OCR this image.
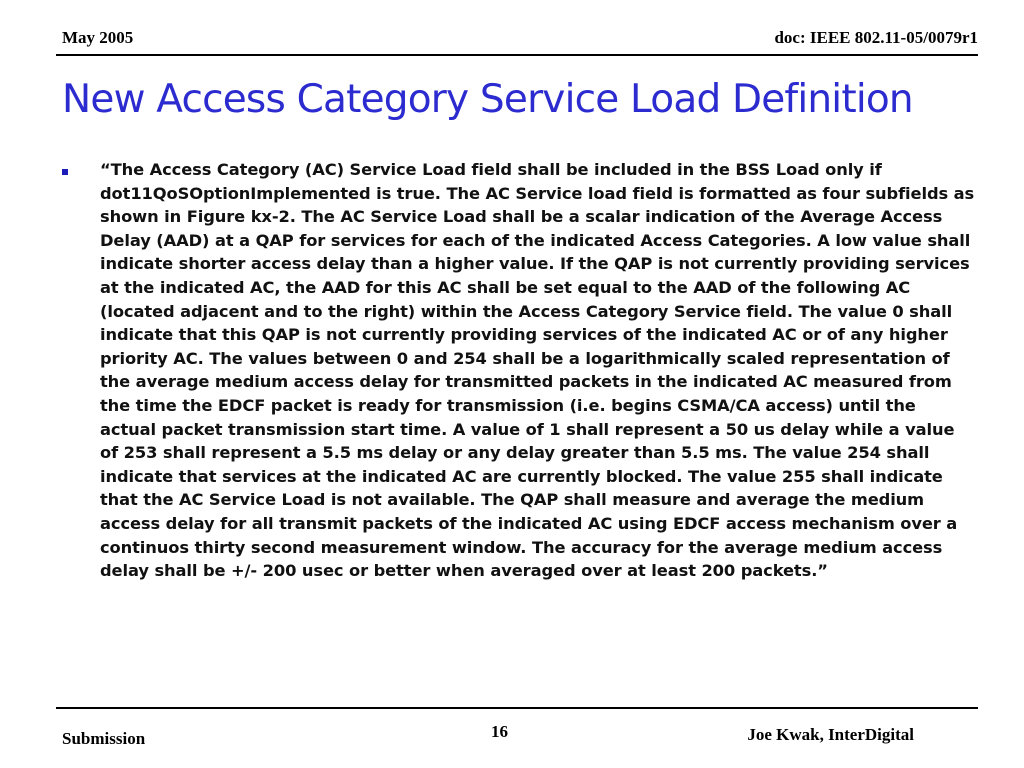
May 2005	doc: IEEE 802.11-05/0079r1
New Access Category Service Load Definition

“The Access Category (AC) Service Load field shall be included in the BSS Load only if dot11QoSOptionImplemented is true. The AC Service load field is formatted as four subfields as shown in Figure kx-2. The AC Service Load shall be a scalar indication of the Average Access Delay (AAD) at a QAP for services for each of the indicated Access Categories. A low value shall indicate shorter access delay than a higher value. If the QAP is not currently providing services at the indicated AC, the AAD for this AC shall be set equal to the AAD of the following AC (located adjacent and to the right) within the Access Category Service field. The value 0 shall indicate that this QAP is not currently providing services of the indicated AC or of any higher priority AC. The values between 0 and 254 shall be a logarithmically scaled representation of the average medium access delay for transmitted packets in the indicated AC measured from the time the EDCF packet is ready for transmission (i.e. begins CSMA/CA access) until the actual packet transmission start time. A value of 1 shall represent a 50 us delay while a value of 253 shall represent a 5.5 ms delay or any delay greater than 5.5 ms. The value 254 shall indicate that services at the indicated AC are currently blocked. The value 255 shall indicate that the AC Service Load is not available. The QAP shall measure and average the medium access delay for all transmit packets of the indicated AC using EDCF access mechanism over a continuos thirty second measurement window. The accuracy for the average medium access delay shall be +/- 200 usec or better when averaged over at least 200 packets.”

Submission	16	Joe Kwak, InterDigital
